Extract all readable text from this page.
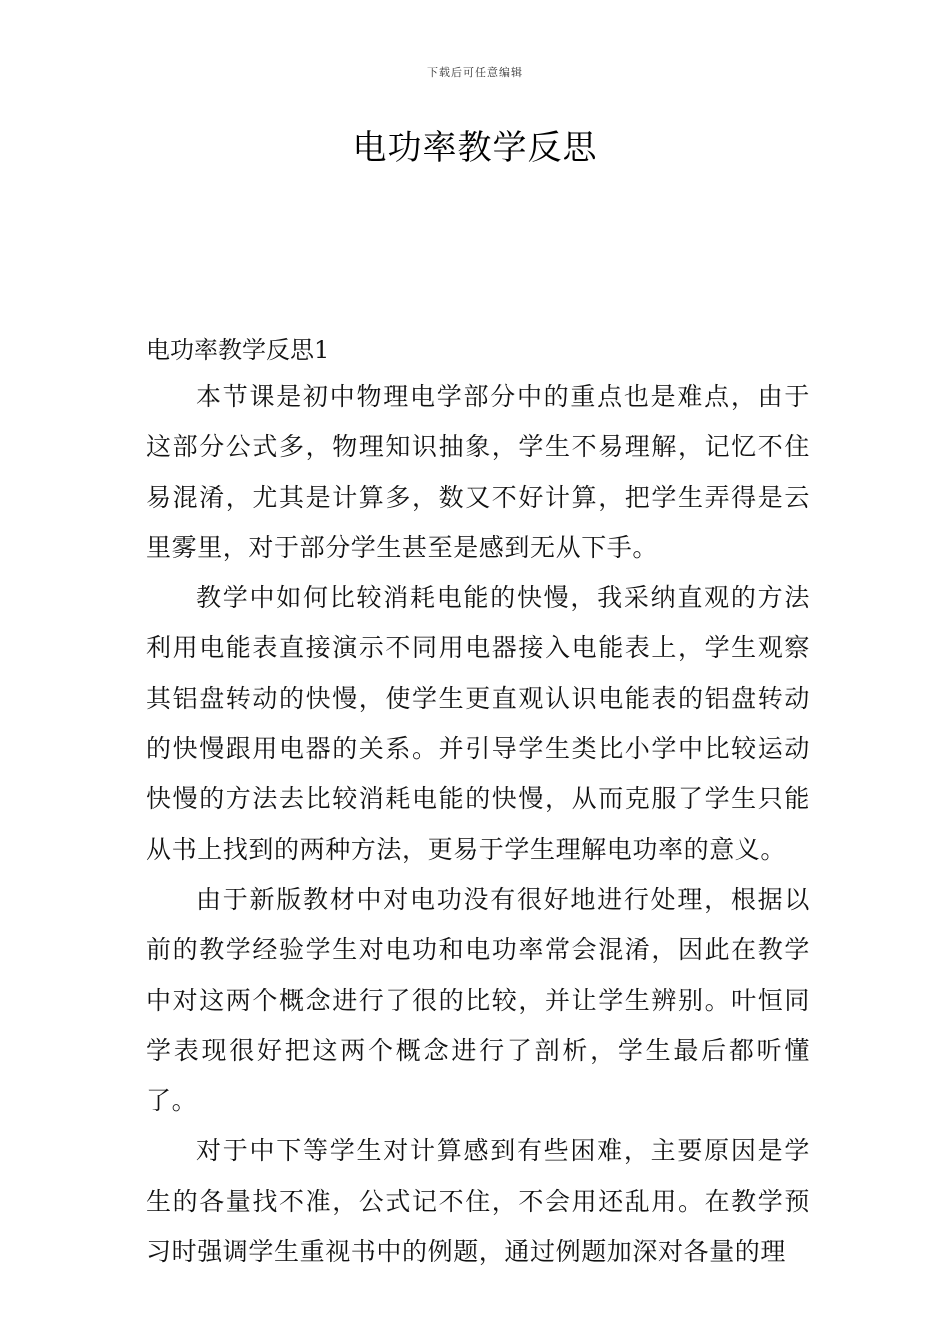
下载后可任意编辑
电功率教学反思
电功率教学反思1

本节课是初中物理电学部分中的重点也是难点，由于这部分公式多，物理知识抽象，学生不易理解，记忆不住易混淆，尤其是计算多，数又不好计算，把学生弄得是云里雾里，对于部分学生甚至是感到无从下手。

教学中如何比较消耗电能的快慢，我采纳直观的方法利用电能表直接演示不同用电器接入电能表上，学生观察其铝盘转动的快慢，使学生更直观认识电能表的铝盘转动的快慢跟用电器的关系。并引导学生类比小学中比较运动快慢的方法去比较消耗电能的快慢，从而克服了学生只能从书上找到的两种方法，更易于学生理解电功率的意义。

由于新版教材中对电功没有很好地进行处理，根据以前的教学经验学生对电功和电功率常会混淆，因此在教学中对这两个概念进行了很的比较，并让学生辨别。叶恒同学表现很好把这两个概念进行了剖析，学生最后都听懂了。

对于中下等学生对计算感到有些困难，主要原因是学生的各量找不准，公式记不住，不会用还乱用。在教学预习时强调学生重视书中的例题，通过例题加深对各量的理
